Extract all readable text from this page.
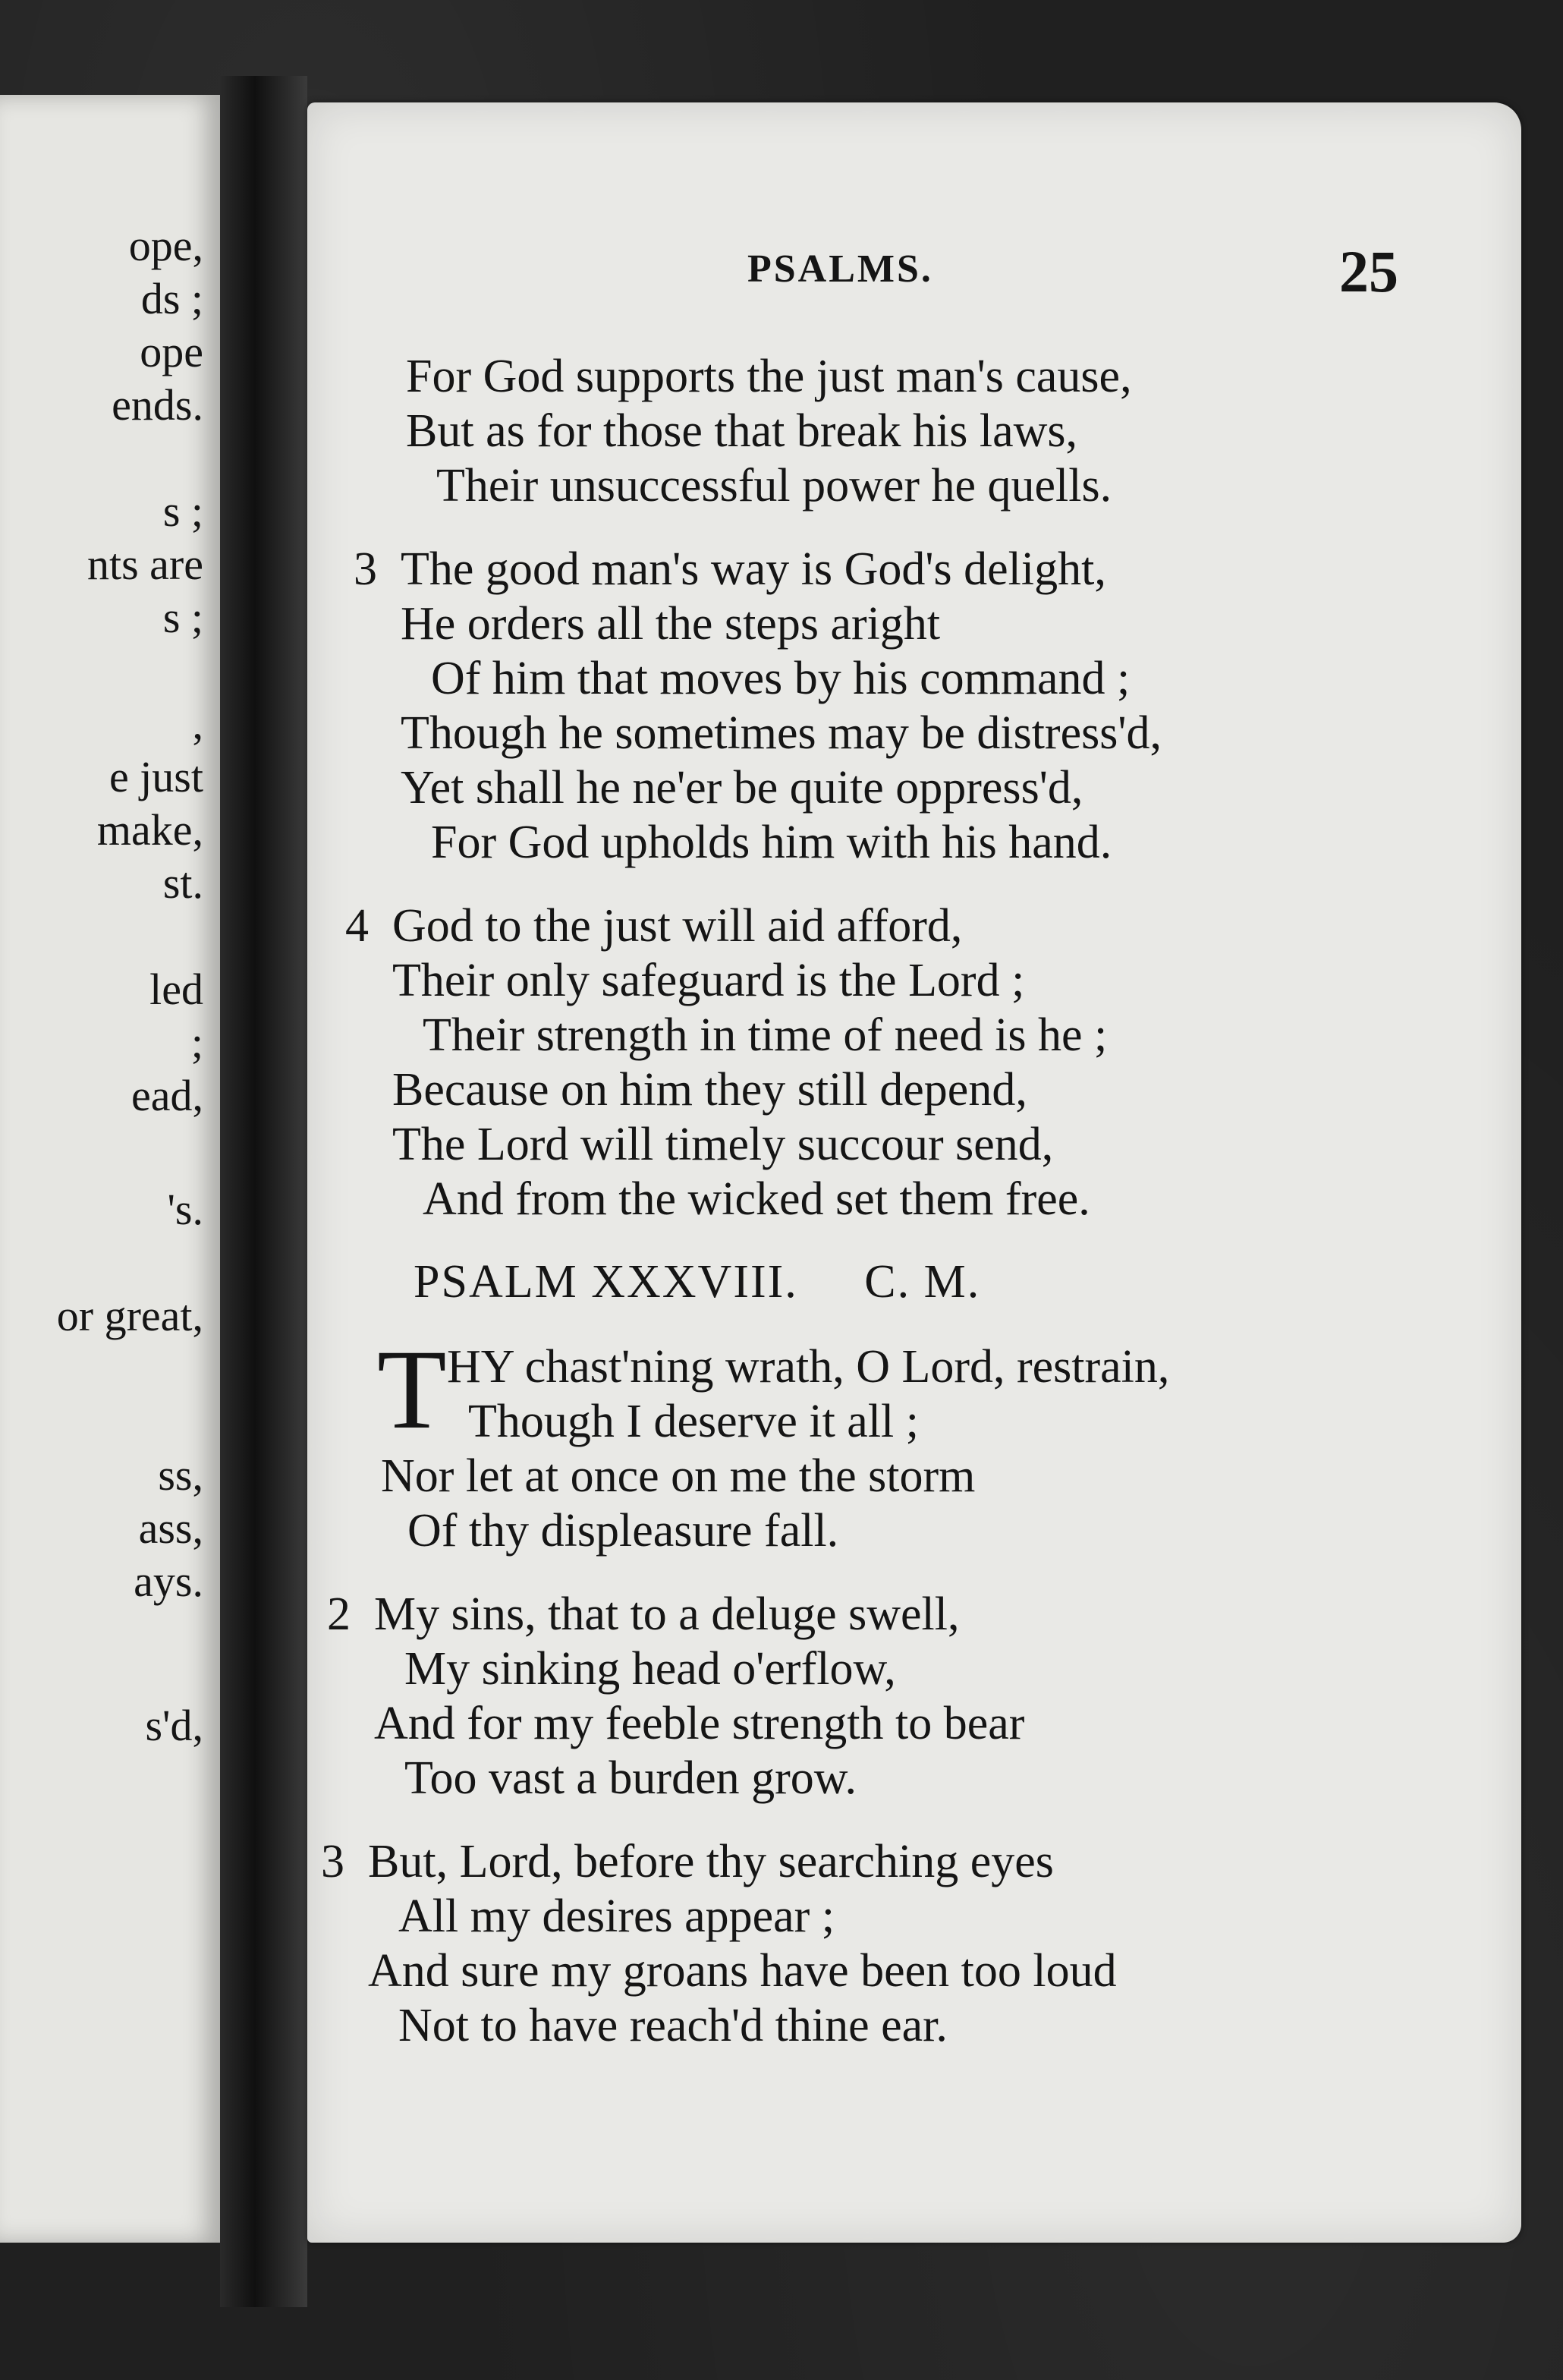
ope,
ds ;
ope
ends.
s ;
nts are
s ;
,
e just
make,
st.
led
;
ead,
's.
or great,
ss,
ass,
ays.
s'd,
PSALMS.	25
For God supports the just man's cause,
But as for those that break his laws,
Their unsuccessful power he quells.
3 The good man's way is God's delight,
He orders all the steps aright
Of him that moves by his command ;
Though he sometimes may be distress'd,
Yet shall he ne'er be quite oppress'd,
For God upholds him with his hand.
4 God to the just will aid afford,
Their only safeguard is the Lord ;
Their strength in time of need is he ;
Because on him they still depend,
The Lord will timely succour send,
And from the wicked set them free.
PSALM XXXVIII. C. M.
T HY chast'ning wrath, O Lord, restrain,
Though I deserve it all ;
Nor let at once on me the storm
Of thy displeasure fall.
2 My sins, that to a deluge swell,
My sinking head o'erflow,
And for my feeble strength to bear
Too vast a burden grow.
3 But, Lord, before thy searching eyes
All my desires appear ;
And sure my groans have been too loud
Not to have reach'd thine ear.
